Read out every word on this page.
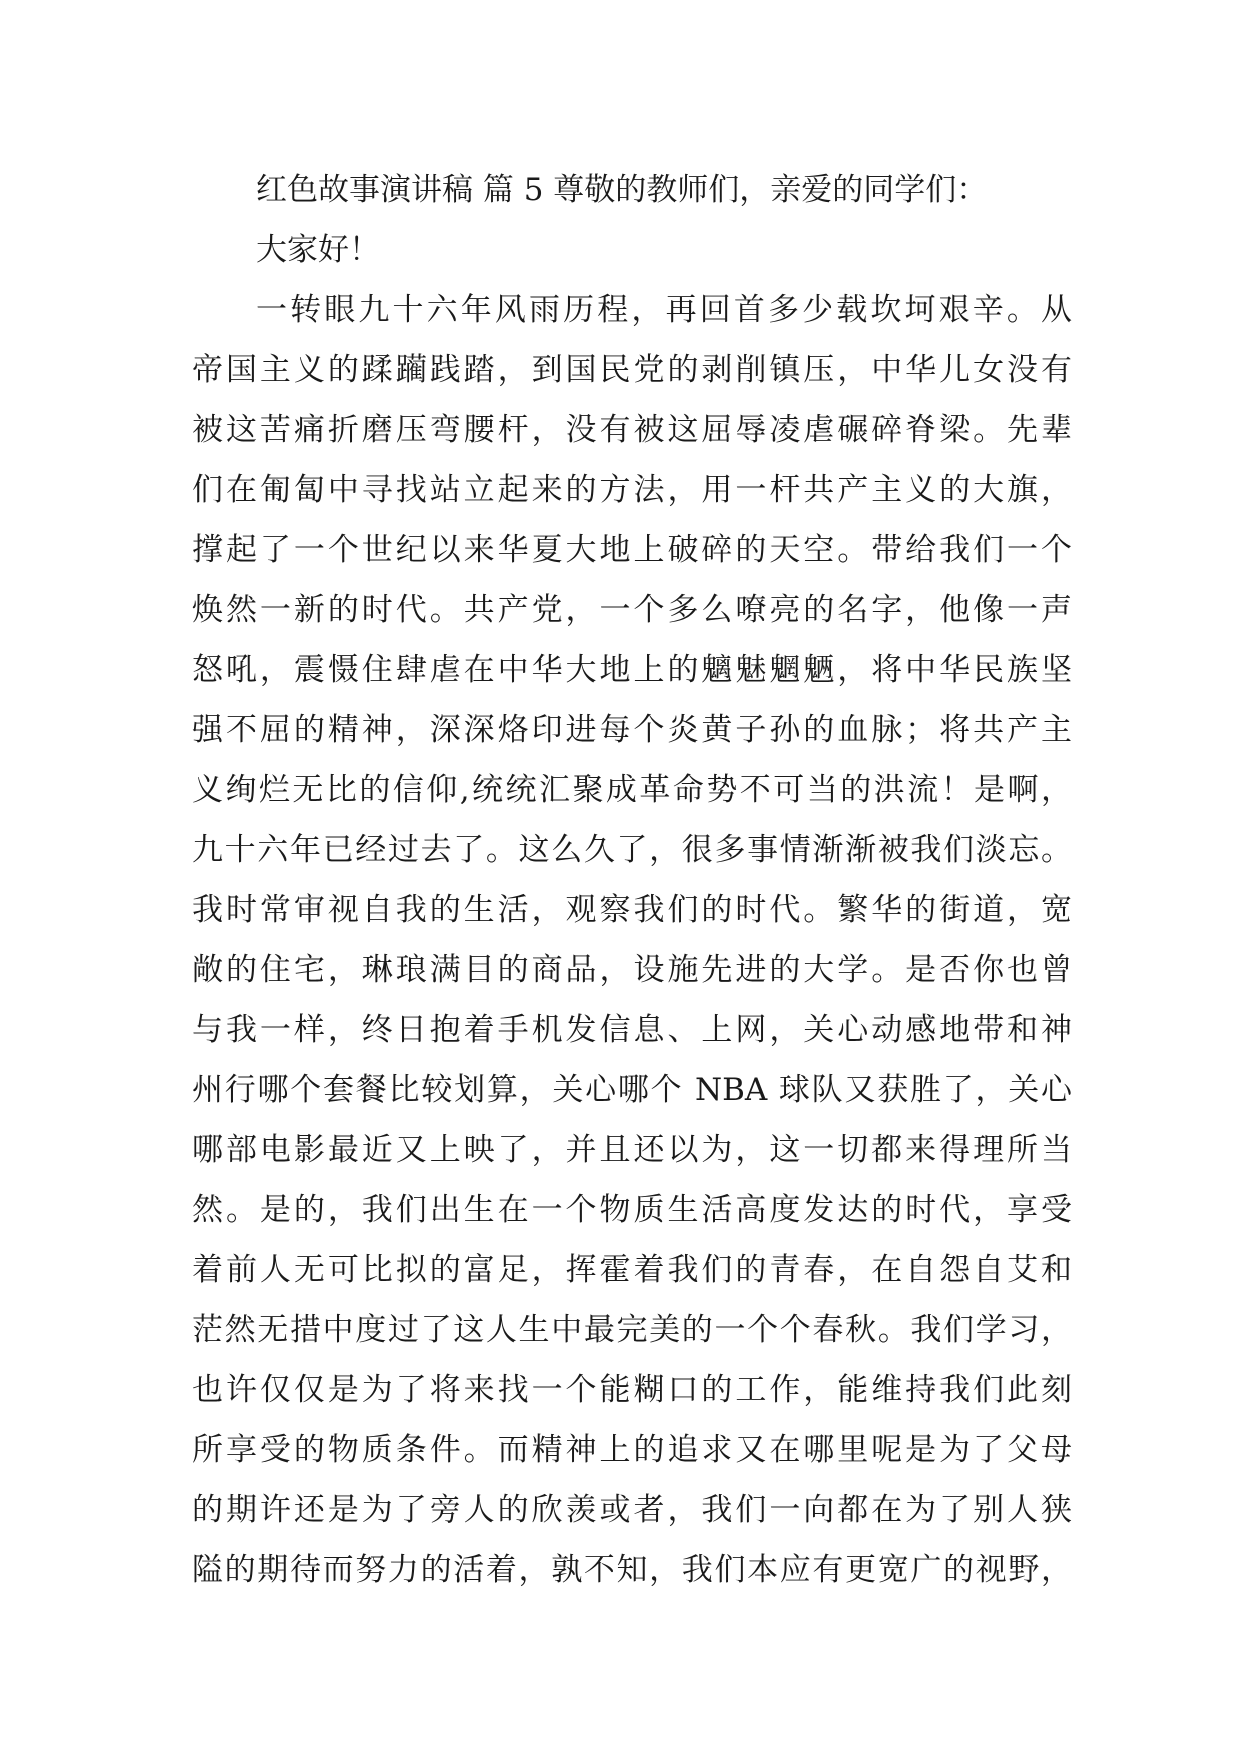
红色故事演讲稿 篇 5 尊敬的教师们，亲爱的同学们：
大家好！
一转眼九十六年风雨历程，再回首多少载坎坷艰辛。从
帝国主义的蹂躏践踏，到国民党的剥削镇压，中华儿女没有
被这苦痛折磨压弯腰杆，没有被这屈辱凌虐碾碎脊梁。先辈
们在匍匐中寻找站立起来的方法，用一杆共产主义的大旗，
撑起了一个世纪以来华夏大地上破碎的天空。带给我们一个
焕然一新的时代。共产党，一个多么嘹亮的名字，他像一声
怒吼，震慑住肆虐在中华大地上的魑魅魍魉，将中华民族坚
强不屈的精神，深深烙印进每个炎黄子孙的血脉；将共产主
义绚烂无比的信仰,统统汇聚成革命势不可当的洪流！是啊，
九十六年已经过去了。这么久了，很多事情渐渐被我们淡忘。
我时常审视自我的生活，观察我们的时代。繁华的街道，宽
敞的住宅，琳琅满目的商品，设施先进的大学。是否你也曾
与我一样，终日抱着手机发信息、上网，关心动感地带和神
州行哪个套餐比较划算，关心哪个 NBA 球队又获胜了，关心
哪部电影最近又上映了，并且还以为，这一切都来得理所当
然。是的，我们出生在一个物质生活高度发达的时代，享受
着前人无可比拟的富足，挥霍着我们的青春，在自怨自艾和
茫然无措中度过了这人生中最完美的一个个春秋。我们学习，
也许仅仅是为了将来找一个能糊口的工作，能维持我们此刻
所享受的物质条件。而精神上的追求又在哪里呢是为了父母
的期许还是为了旁人的欣羡或者，我们一向都在为了别人狭
隘的期待而努力的活着，孰不知，我们本应有更宽广的视野，
